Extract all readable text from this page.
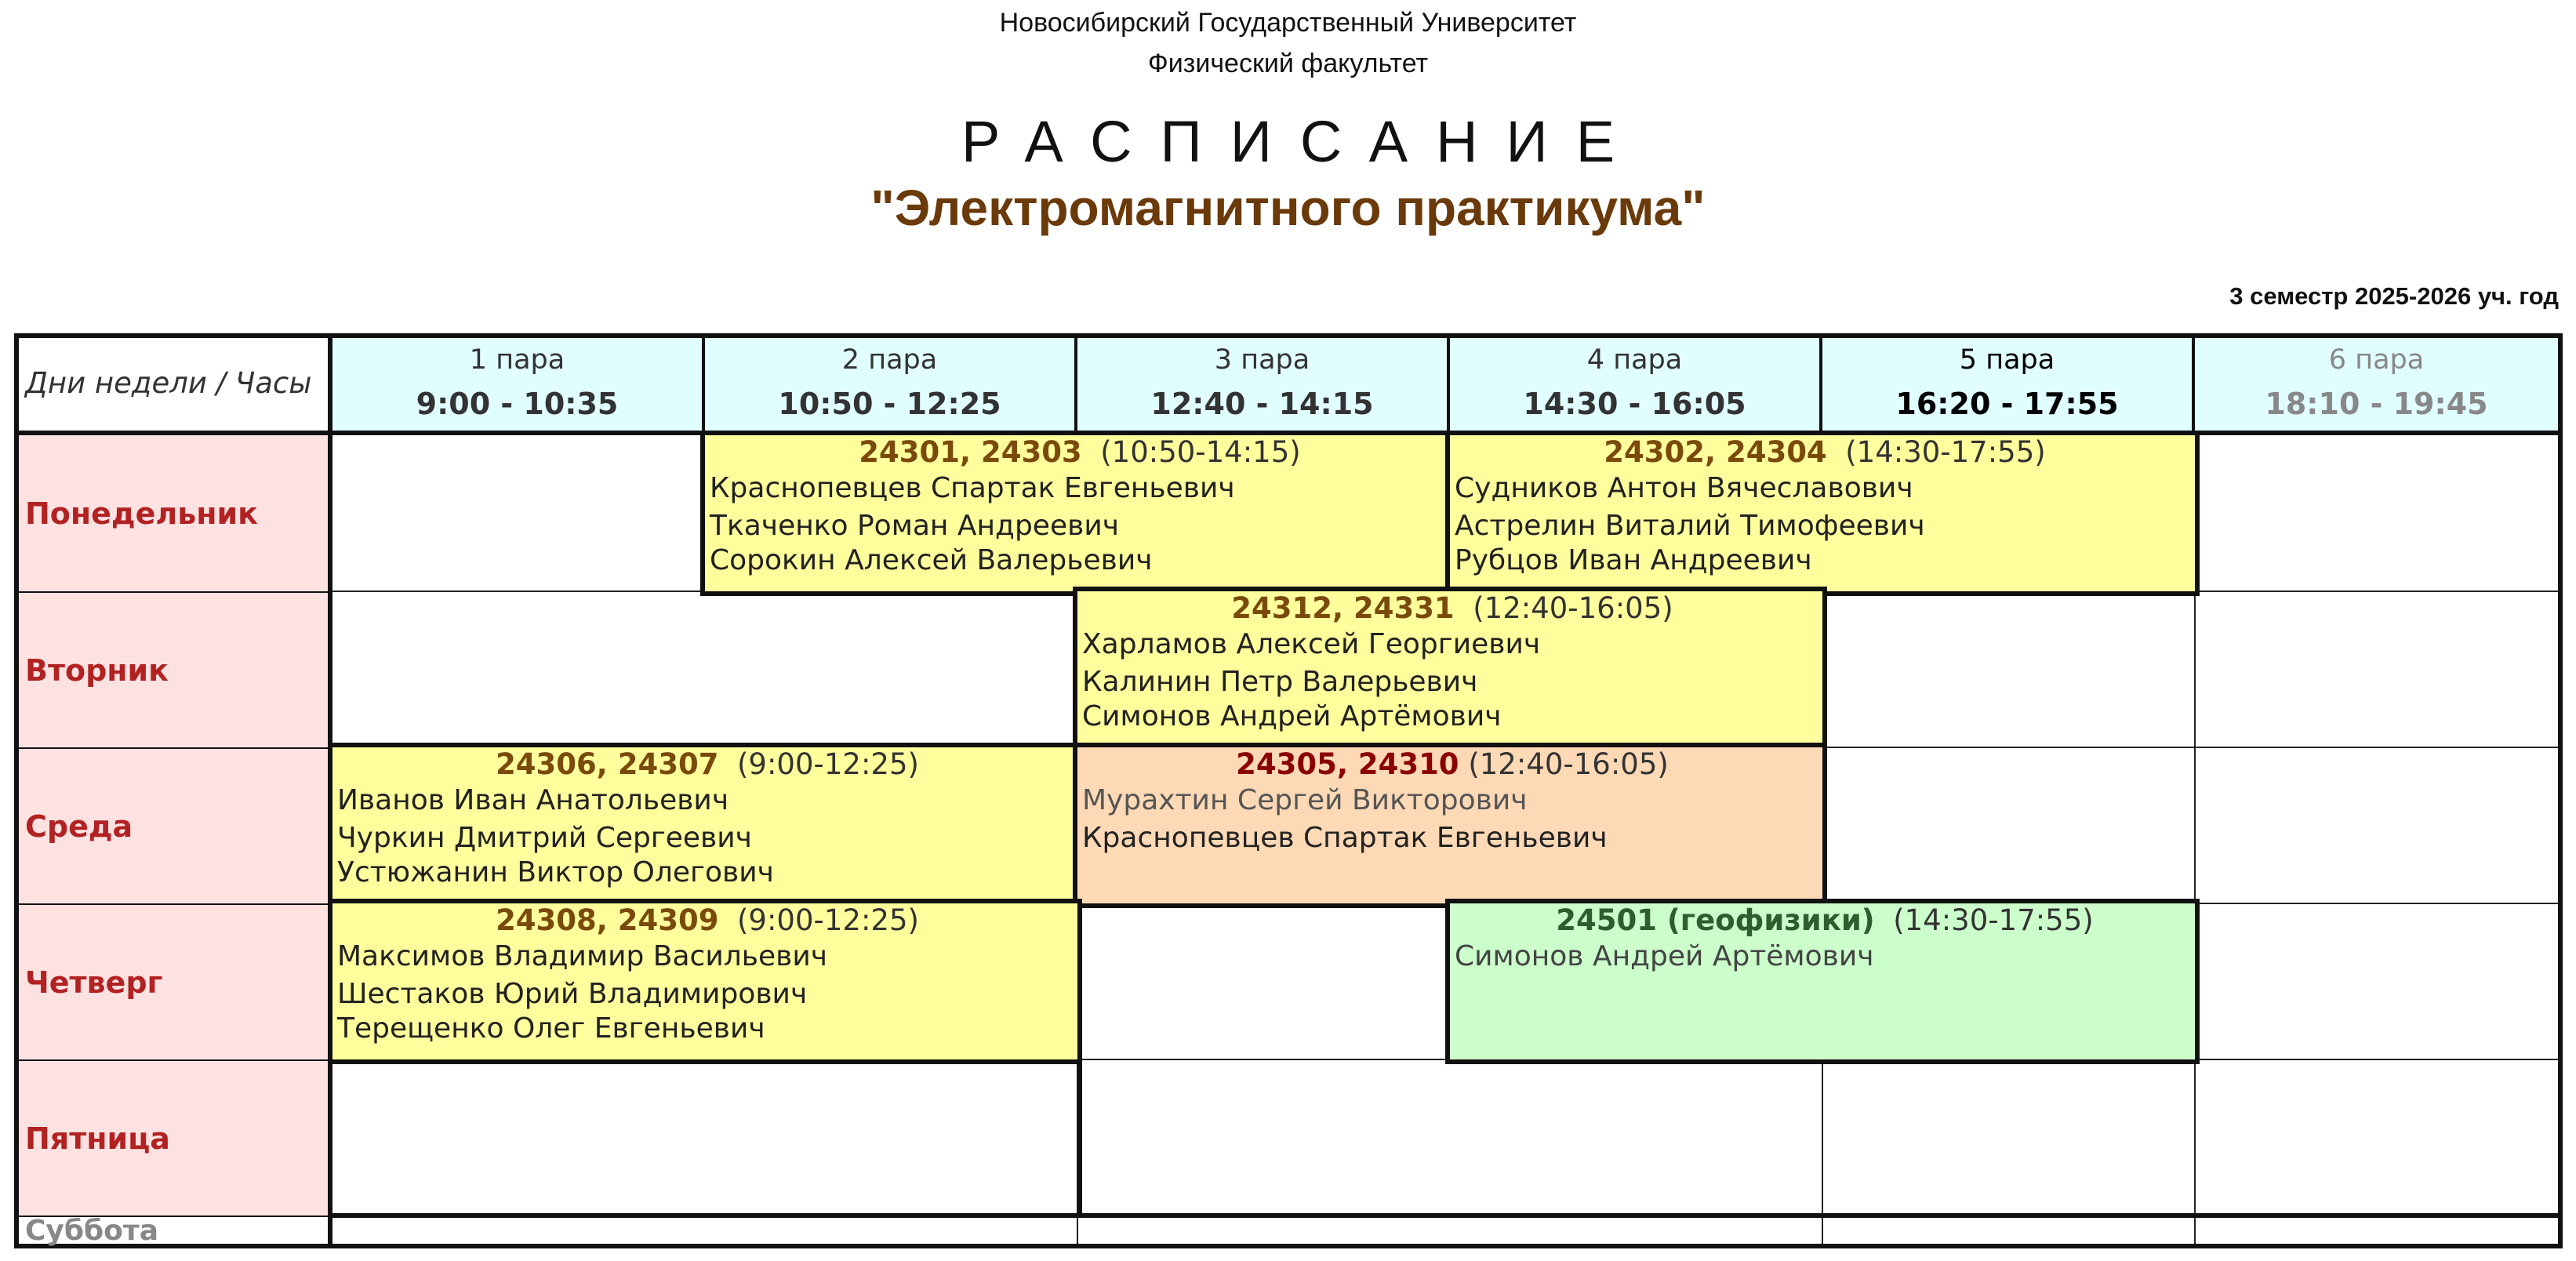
Новосибирский Государственный Университет
Физический факультет
РАСПИСАНИЕ
"Электромагнитного практикума"
3 семестр 2025-2026 уч. год
Дни недели / Часы
1 пара
9:00 - 10:35
2 пара
10:50 - 12:25
3 пара
12:40 - 14:15
4 пара
14:30 - 16:05
5 пара
16:20 - 17:55
6 пара
18:10 - 19:45
Понедельник
Вторник
Среда
Четверг
Пятница
Суббота
24301, 24303 (10:50-14:15)
Краснопевцев Спартак Евгеньевич
Ткаченко Роман Андреевич
Сорокин Алексей Валерьевич
24302, 24304 (14:30-17:55)
Судников Антон Вячеславович
Астрелин Виталий Тимофеевич
Рубцов Иван Андреевич
24312, 24331 (12:40-16:05)
Харламов Алексей Георгиевич
Калинин Петр Валерьевич
Симонов Андрей Артёмович
24306, 24307 (9:00-12:25)
Иванов Иван Анатольевич
Чуркин Дмитрий Сергеевич
Устюжанин Виктор Олегович
24305, 24310 (12:40-16:05)
Мурахтин Сергей Викторович
Краснопевцев Спартак Евгеньевич
24308, 24309 (9:00-12:25)
Максимов Владимир Васильевич
Шестаков Юрий Владимирович
Терещенко Олег Евгеньевич
24501 (геофизики) (14:30-17:55)
Симонов Андрей Артёмович
